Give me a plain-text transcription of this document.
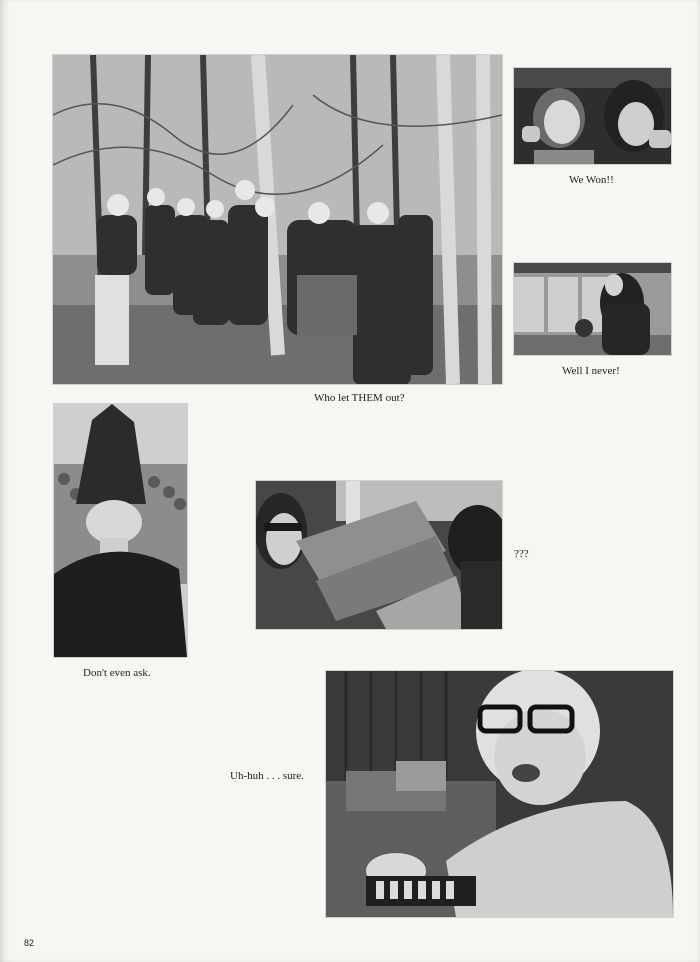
Who let THEM out?
We Won!!
Well I never!
Don't even ask.
???
Uh-huh . . . sure.
82
